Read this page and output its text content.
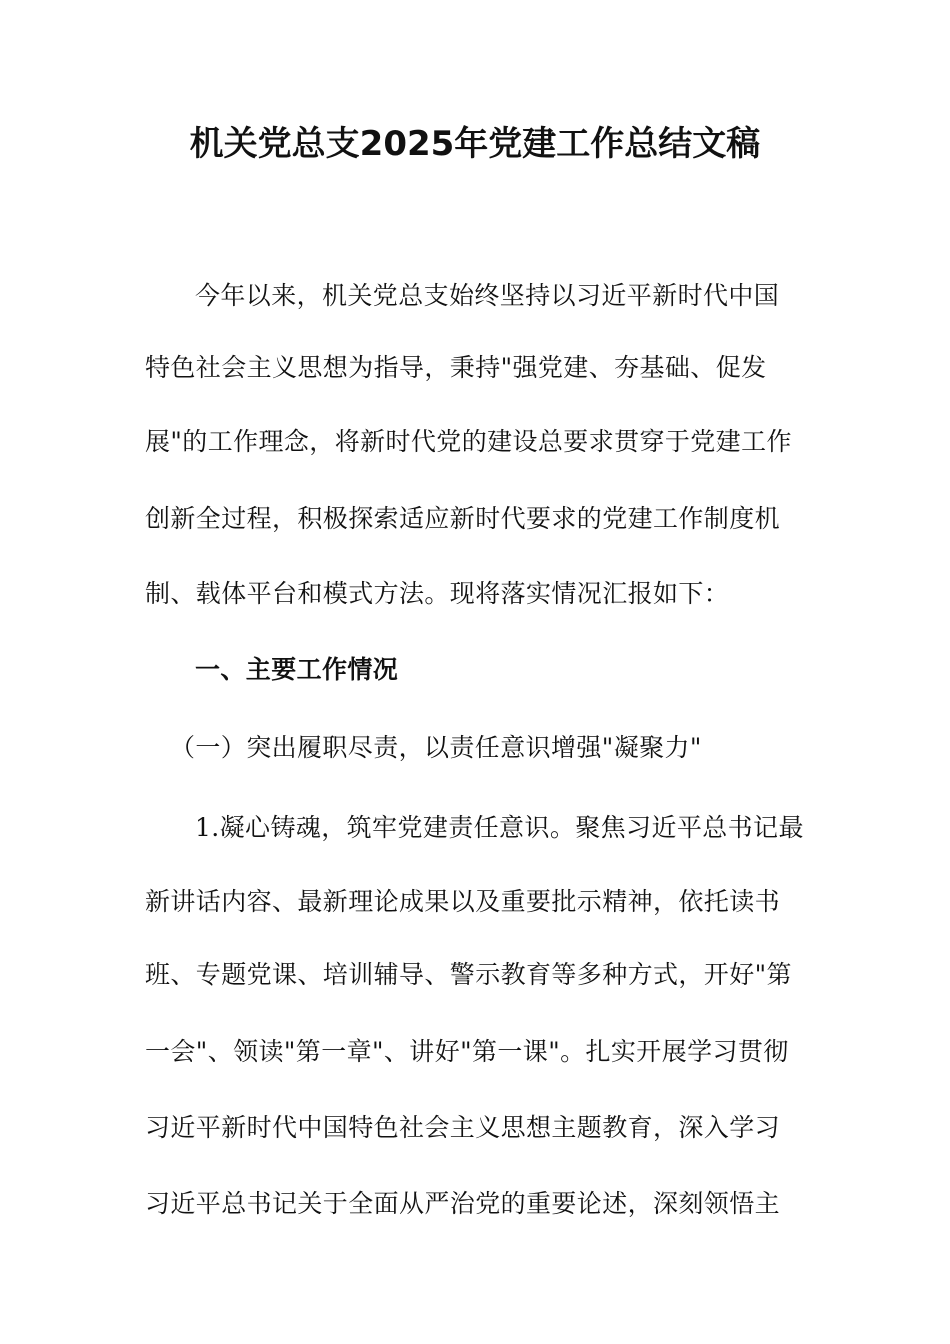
机关党总支2025年党建工作总结文稿

今年以来，机关党总支始终坚持以习近平新时代中国

特色社会主义思想为指导，秉持"强党建、夯基础、促发

展"的工作理念，将新时代党的建设总要求贯穿于党建工作

创新全过程，积极探索适应新时代要求的党建工作制度机

制、载体平台和模式方法。现将落实情况汇报如下：

一、主要工作情况

（一）突出履职尽责，以责任意识增强"凝聚力"

1.凝心铸魂，筑牢党建责任意识。聚焦习近平总书记最

新讲话内容、最新理论成果以及重要批示精神，依托读书

班、专题党课、培训辅导、警示教育等多种方式，开好"第

一会"、领读"第一章"、讲好"第一课"。扎实开展学习贯彻

习近平新时代中国特色社会主义思想主题教育，深入学习

习近平总书记关于全面从严治党的重要论述，深刻领悟主
